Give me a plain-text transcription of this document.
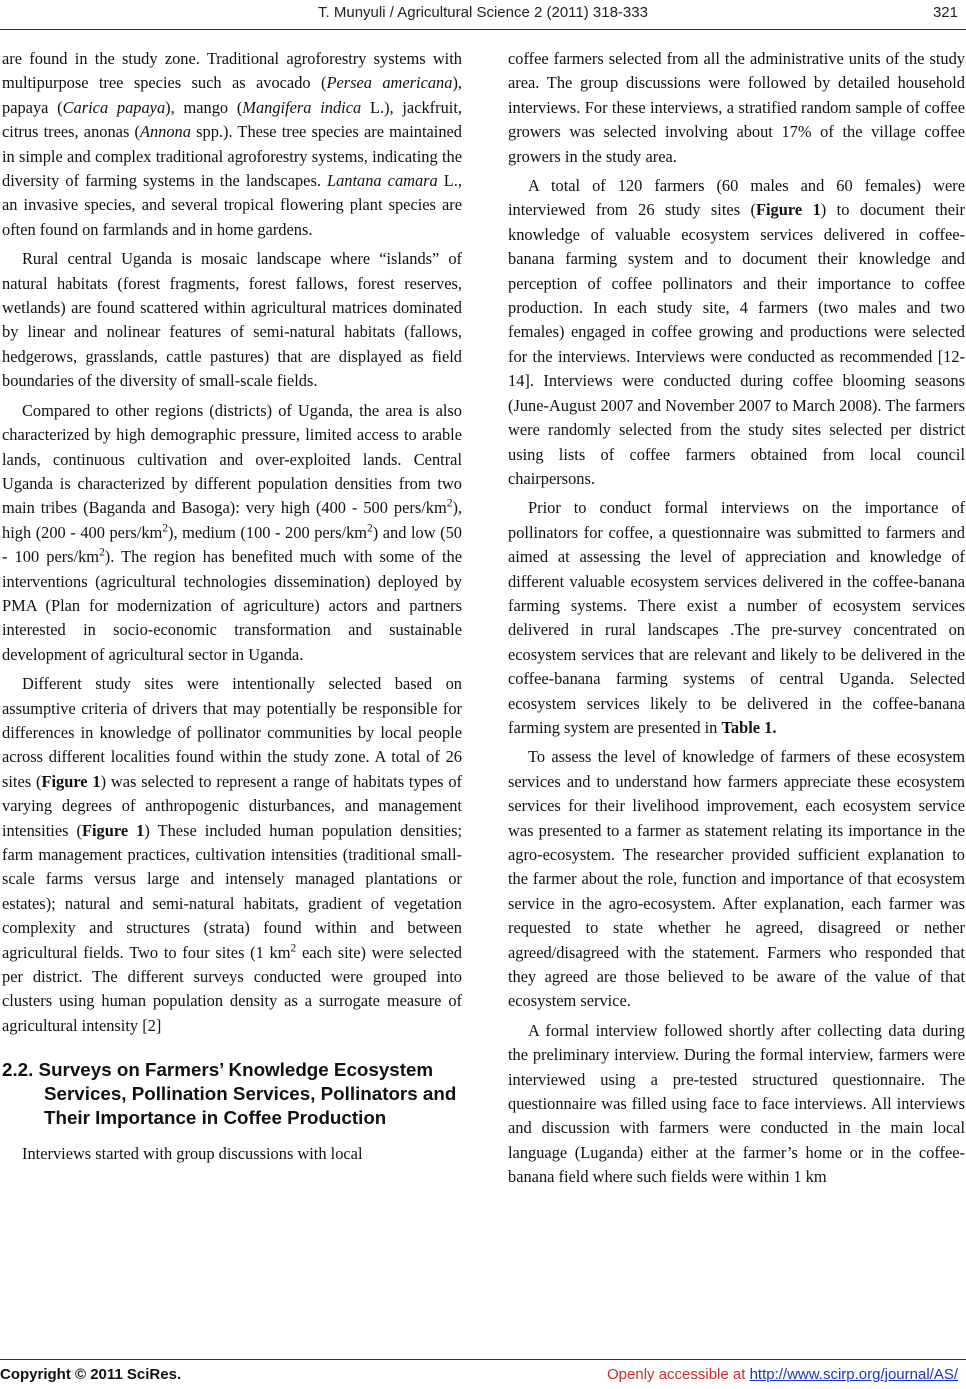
T. Munyuli / Agricultural Science 2 (2011) 318-333	321

are found in the study zone. Traditional agroforestry systems with multipurpose tree species such as avocado (Persea americana), papaya (Carica papaya), mango (Mangifera indica L.), jackfruit, citrus trees, anonas (Annona spp.). These tree species are maintained in simple and complex traditional agroforestry systems, indicating the diversity of farming systems in the landscapes. Lantana camara L., an invasive species, and several tropical flowering plant species are often found on farmlands and in home gardens.

Rural central Uganda is mosaic landscape where “islands” of natural habitats (forest fragments, forest fallows, forest reserves, wetlands) are found scattered within agricultural matrices dominated by linear and nolinear features of semi-natural habitats (fallows, hedgerows, grasslands, cattle pastures) that are displayed as field boundaries of the diversity of small-scale fields.

Compared to other regions (districts) of Uganda, the area is also characterized by high demographic pressure, limited access to arable lands, continuous cultivation and over-exploited lands. Central Uganda is characterized by different population densities from two main tribes (Baganda and Basoga): very high (400 - 500 pers/$km^2$), high (200 - 400 pers/$km^2$), medium (100 - 200 pers/$km^2$) and low (50 - 100 pers/$km^2$). The region has benefited much with some of the interventions (agricultural technologies dissemination) deployed by PMA (Plan for modernization of agriculture) actors and partners interested in socio-economic transformation and sustainable development of agricultural sector in Uganda.

Different study sites were intentionally selected based on assumptive criteria of drivers that may potentially be responsible for differences in knowledge of pollinator communities by local people across different localities found within the study zone. A total of 26 sites (Figure 1) was selected to represent a range of habitats types of varying degrees of anthropogenic disturbances, and management intensities (Figure 1) These included human population densities; farm management practices, cultivation intensities (traditional small-scale farms versus large and intensely managed plantations or estates); natural and semi-natural habitats, gradient of vegetation complexity and structures (strata) found within and between agricultural fields. Two to four sites (1 $km^2$ each site) were selected per district. The different surveys conducted were grouped into clusters using human population density as a surrogate measure of agricultural intensity [2]

2.2. Surveys on Farmers’ Knowledge Ecosystem Services, Pollination Services, Pollinators and Their Importance in Coffee Production

Interviews started with group discussions with local

coffee farmers selected from all the administrative units of the study area. The group discussions were followed by detailed household interviews. For these interviews, a stratified random sample of coffee growers was selected involving about 17% of the village coffee growers in the study area.

A total of 120 farmers (60 males and 60 females) were interviewed from 26 study sites (Figure 1) to document their knowledge of valuable ecosystem services delivered in coffee-banana farming system and to document their knowledge and perception of coffee pollinators and their importance to coffee production. In each study site, 4 farmers (two males and two females) engaged in coffee growing and productions were selected for the interviews. Interviews were conducted as recommended [12-14]. Interviews were conducted during coffee blooming seasons (June-August 2007 and November 2007 to March 2008). The farmers were randomly selected from the study sites selected per district using lists of coffee farmers obtained from local council chairpersons.

Prior to conduct formal interviews on the importance of pollinators for coffee, a questionnaire was submitted to farmers and aimed at assessing the level of appreciation and knowledge of different valuable ecosystem services delivered in the coffee-banana farming systems. There exist a number of ecosystem services delivered in rural landscapes .The pre-survey concentrated on ecosystem services that are relevant and likely to be delivered in the coffee-banana farming systems of central Uganda. Selected ecosystem services likely to be delivered in the coffee-banana farming system are presented in Table 1.

To assess the level of knowledge of farmers of these ecosystem services and to understand how farmers appreciate these ecosystem services for their livelihood improvement, each ecosystem service was presented to a farmer as statement relating its importance in the agro-ecosystem. The researcher provided sufficient explanation to the farmer about the role, function and importance of that ecosystem service in the agro-ecosystem. After explanation, each farmer was requested to state whether he agreed, disagreed or nether agreed/disagreed with the statement. Farmers who responded that they agreed are those believed to be aware of the value of that ecosystem service.

A formal interview followed shortly after collecting data during the preliminary interview. During the formal interview, farmers were interviewed using a pre-tested structured questionnaire. The questionnaire was filled using face to face interviews. All interviews and discussion with farmers were conducted in the main local language (Luganda) either at the farmer’s home or in the coffee-banana field where such fields were within 1 km

Copyright © 2011 SciRes.	Openly accessible at http://www.scirp.org/journal/AS/
